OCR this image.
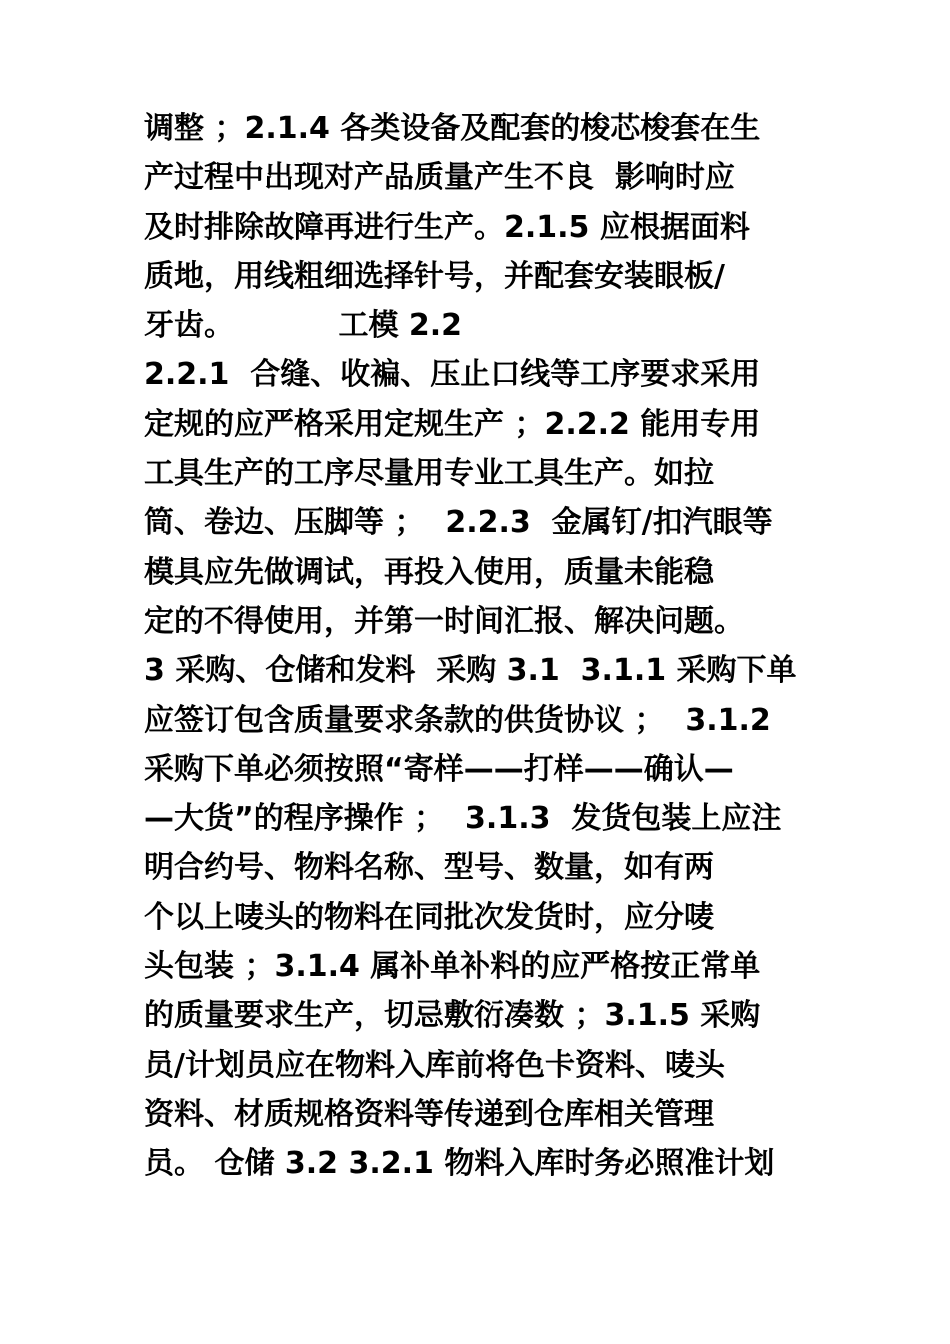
调整 ；2.1.4 各类设备及配套的梭芯梭套在生
产过程中出现对产品质量产生不良  影响时应
及时排除故障再进行生产。2.1.5 应根据面料
质地，用线粗细选择针号，并配套安装眼板/
牙齿。          工模 2.2
2.2.1  合缝、收褊、压止口线等工序要求采用
定规的应严格采用定规生产 ；2.2.2 能用专用
工具生产的工序尽量用专业工具生产。如拉
筒、卷边、压脚等 ；  2.2.3  金属钉/扣汽眼等
模具应先做调试，再投入使用，质量未能稳
定的不得使用，并第一时间汇报、解决问题。
3 采购、仓储和发料  采购 3.1  3.1.1 采购下单
应签订包含质量要求条款的供货协议 ；  3.1.2
采购下单必须按照“寄样——打样——确认—
—大货”的程序操作 ；  3.1.3  发货包装上应注
明合约号、物料名称、型号、数量，如有两
个以上唛头的物料在同批次发货时，应分唛
头包装 ；3.1.4 属补单补料的应严格按正常单
的质量要求生产，切忌敷衍凑数 ；3.1.5 采购
员/计划员应在物料入库前将色卡资料、唛头
资料、材质规格资料等传递到仓库相关管理
员。 仓储 3.2 3.2.1 物料入库时务必照准计划
